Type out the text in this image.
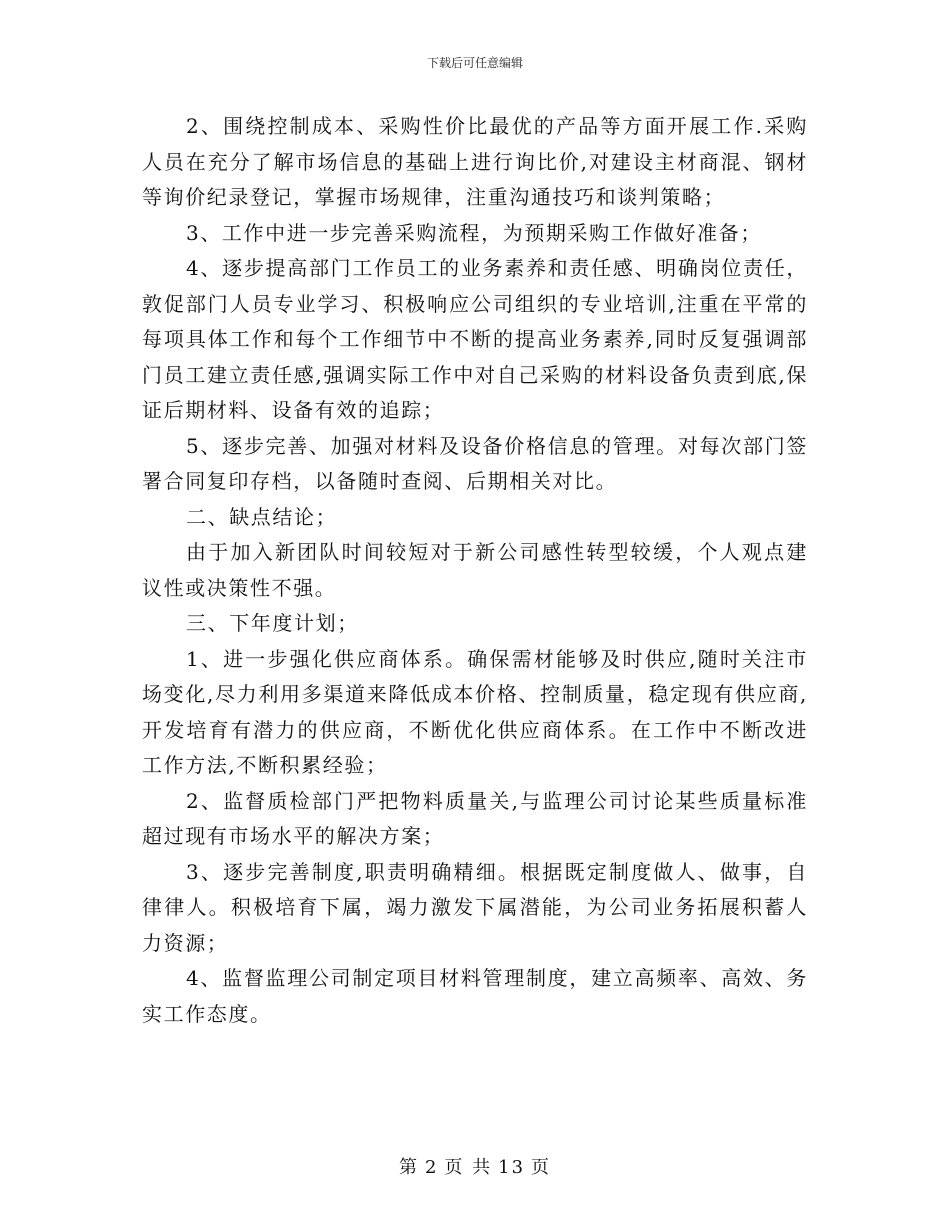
下载后可任意编辑

2、围绕控制成本、采购性价比最优的产品等方面开展工作.采购人员在充分了解市场信息的基础上进行询比价,对建设主材商混、钢材等询价纪录登记，掌握市场规律，注重沟通技巧和谈判策略；

3、工作中进一步完善采购流程，为预期采购工作做好准备；

4、逐步提高部门工作员工的业务素养和责任感、明确岗位责任，敦促部门人员专业学习、积极响应公司组织的专业培训,注重在平常的每项具体工作和每个工作细节中不断的提高业务素养,同时反复强调部门员工建立责任感,强调实际工作中对自己采购的材料设备负责到底,保证后期材料、设备有效的追踪；

5、逐步完善、加强对材料及设备价格信息的管理。对每次部门签署合同复印存档，以备随时查阅、后期相关对比。

二、缺点结论；

由于加入新团队时间较短对于新公司感性转型较缓，个人观点建议性或决策性不强。

三、下年度计划；

1、进一步强化供应商体系。确保需材能够及时供应,随时关注市场变化,尽力利用多渠道来降低成本价格、控制质量，稳定现有供应商,开发培育有潜力的供应商，不断优化供应商体系。在工作中不断改进工作方法,不断积累经验；

2、监督质检部门严把物料质量关,与监理公司讨论某些质量标准超过现有市场水平的解决方案；

3、逐步完善制度,职责明确精细。根据既定制度做人、做事，自律律人。积极培育下属，竭力激发下属潜能，为公司业务拓展积蓄人力资源；

4、监督监理公司制定项目材料管理制度，建立高频率、高效、务实工作态度。

第 2 页 共 13 页
